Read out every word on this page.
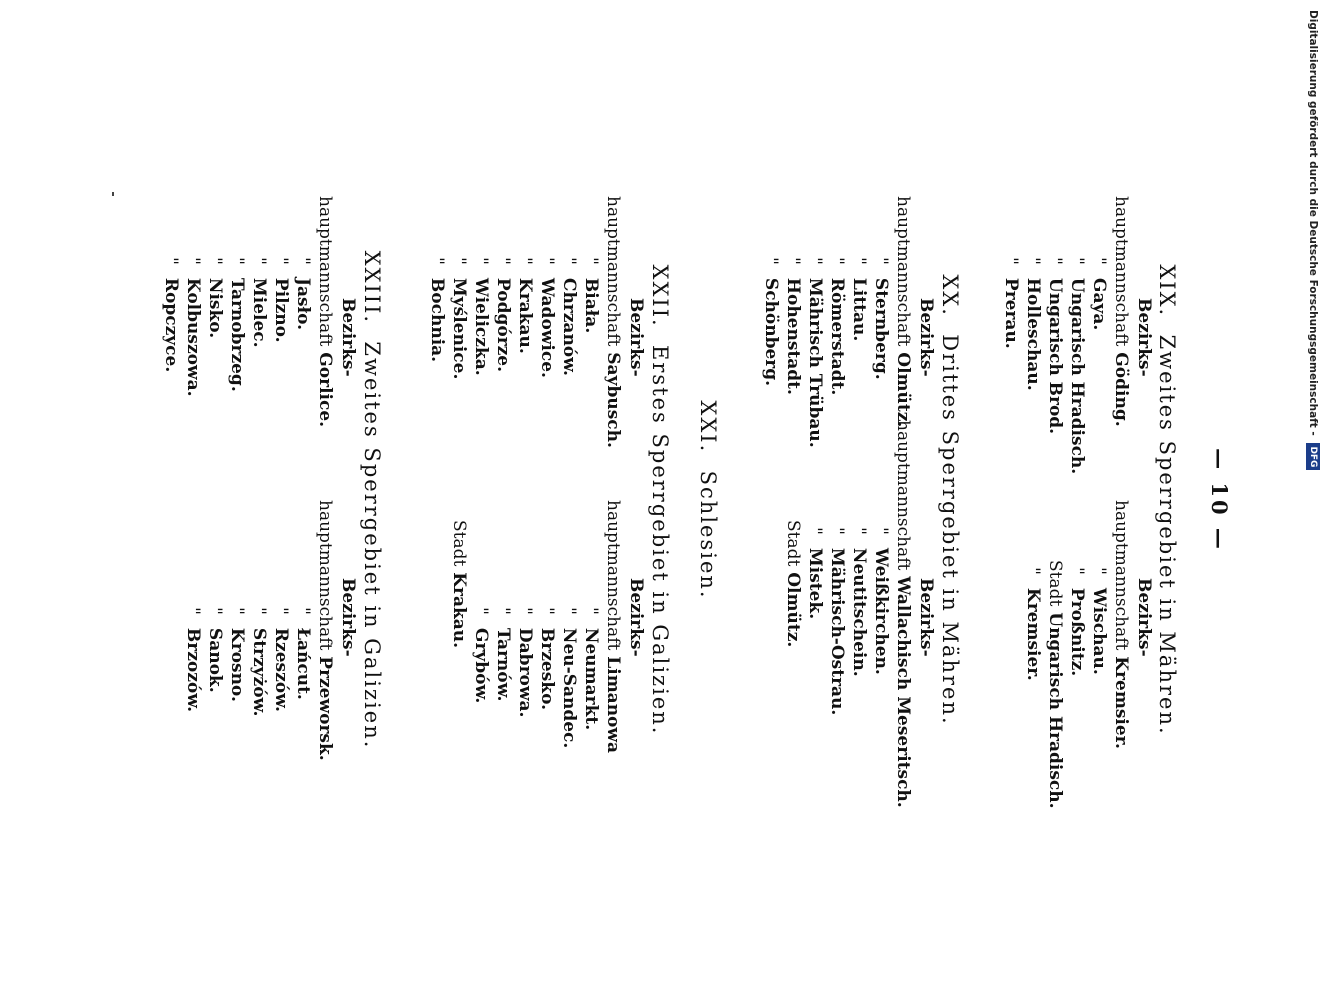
— 10 —
XIX.  Zweites Sperrgebiet in Mähren.
Bezirks-
Bezirks-
hauptmannschaft Göding.
hauptmannschaft Kremsier.
" Gaya.
" Wischau.
" Ungarisch Hradisch.
" Proßnitz.
" Ungarisch Brod.
Stadt Ungarisch Hradisch.
" Holleschau.
" Kremsier.
" Prerau.
XX.  Drittes Sperrgebiet in Mähren.
Bezirks-
Bezirks-
hauptmannschaft Olmütz.
hauptmannschaft Wallachisch Meseritsch.
" Sternberg.
" Weißkirchen.
" Littau.
" Neutitschein.
" Römerstadt.
" Mährisch-Ostrau.
" Mährisch Trübau.
" Mistek.
" Hohenstadt.
Stadt Olmütz.
" Schönberg.
XXI.  Schlesien.
XXII.  Erstes Sperrgebiet in Galizien.
Bezirks-
Bezirks-
hauptmannschaft Saybusch.
hauptmannschaft Limanowa
" Biała.
" Neumarkt.
" Chrzanów.
" Neu-Sandec.
" Wadowice.
" Brzesko.
" Krakau.
" Dabrowa.
" Podgórze.
" Tarnów.
" Wieliczka.
" Grybów.
" Myślenice.
Stadt Krakau.
" Bochnia.
XXIII.  Zweites Sperrgebiet in Galizien.
Bezirks-
Bezirks-
hauptmannschaft Gorlice.
hauptmannschaft Przeworsk.
" Jasło.
" Łańcut.
" Pilzno.
" Rzeszów.
" Mielec.
" Strzyżów.
" Tarnobrzeg.
" Krosno.
" Nisko.
" Sanok.
" Kolbuszowa.
" Brzozów.
" Ropczyce.	Digitalisierung gefördert durch die Deutsche Forschungsgemeinschaft - DFG
